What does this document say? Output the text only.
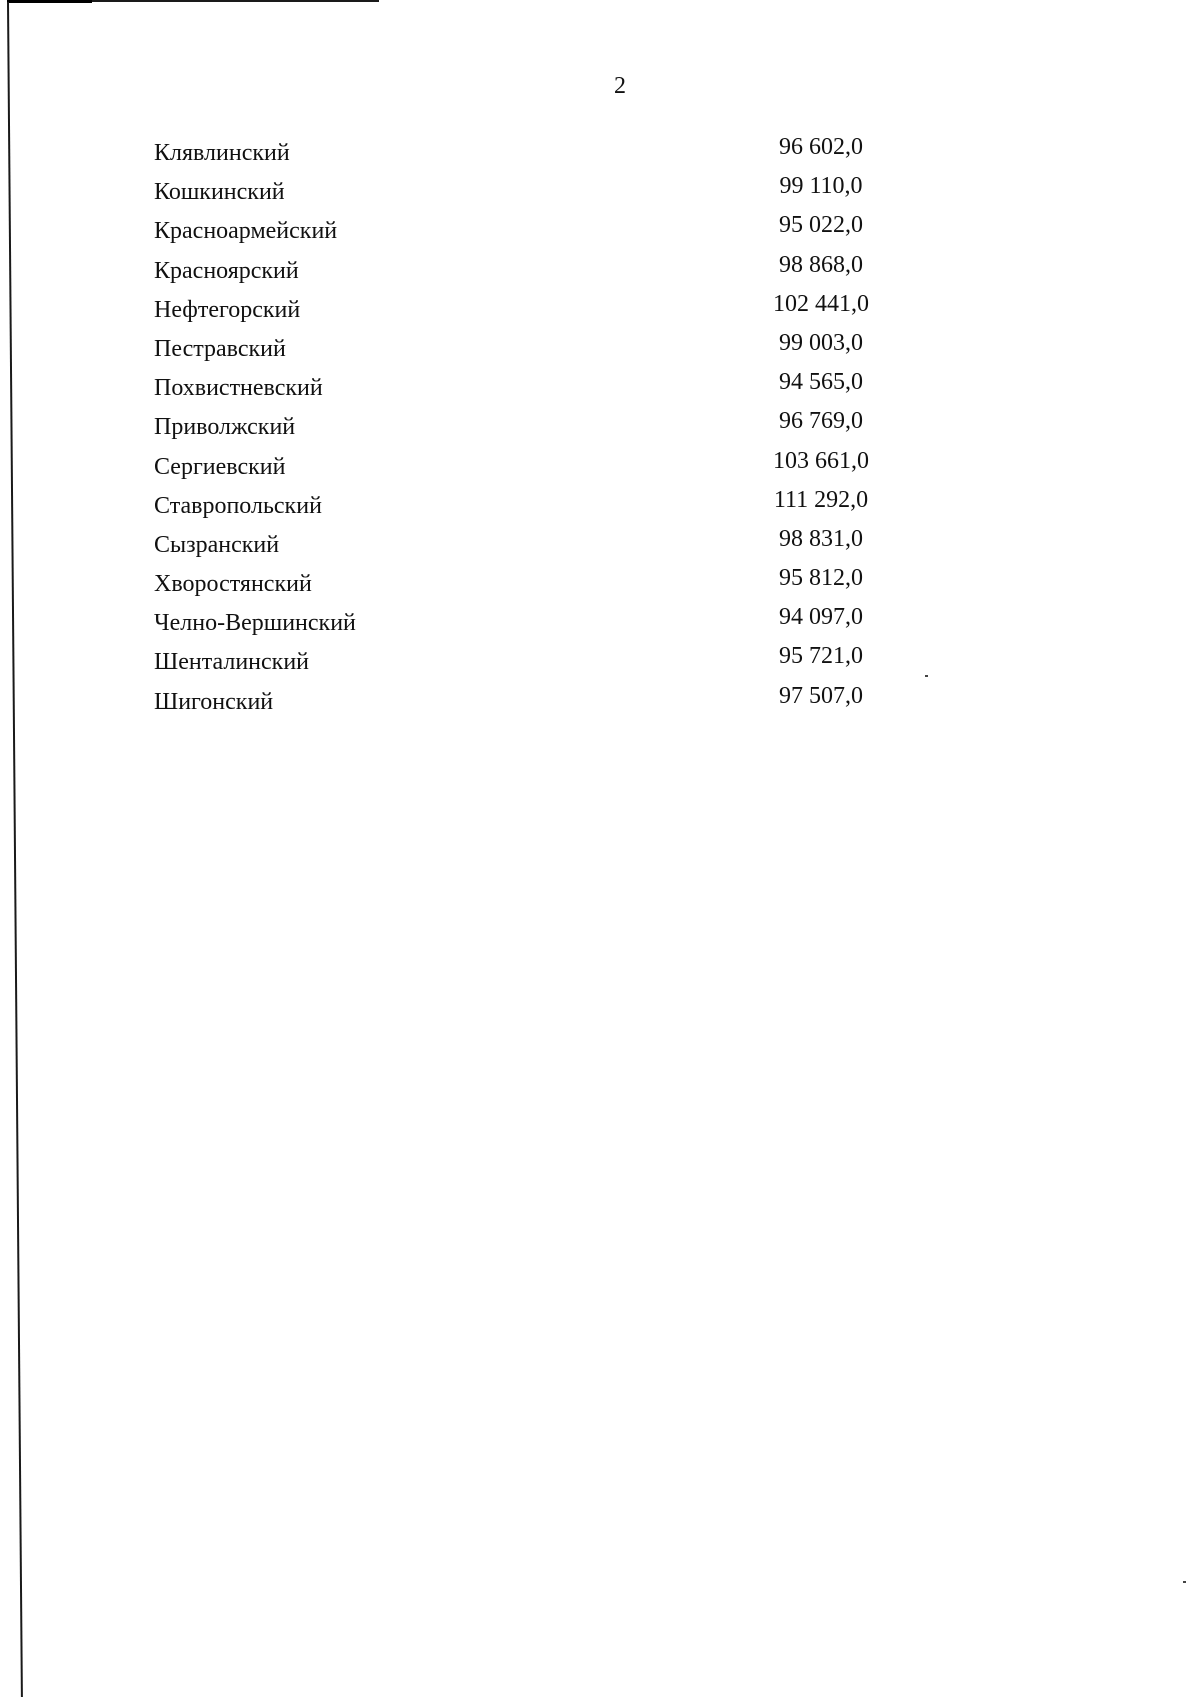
2
Клявлинский	96 602,0
Кошкинский	99 110,0
Красноармейский	95 022,0
Красноярский	98 868,0
Нефтегорский	102 441,0
Пестравский	99 003,0
Похвистневский	94 565,0
Приволжский	96 769,0
Сергиевский	103 661,0
Ставропольский	111 292,0
Сызранский	98 831,0
Хворостянский	95 812,0
Челно-Вершинский	94 097,0
Шенталинский	95 721,0
Шигонский	97 507,0
